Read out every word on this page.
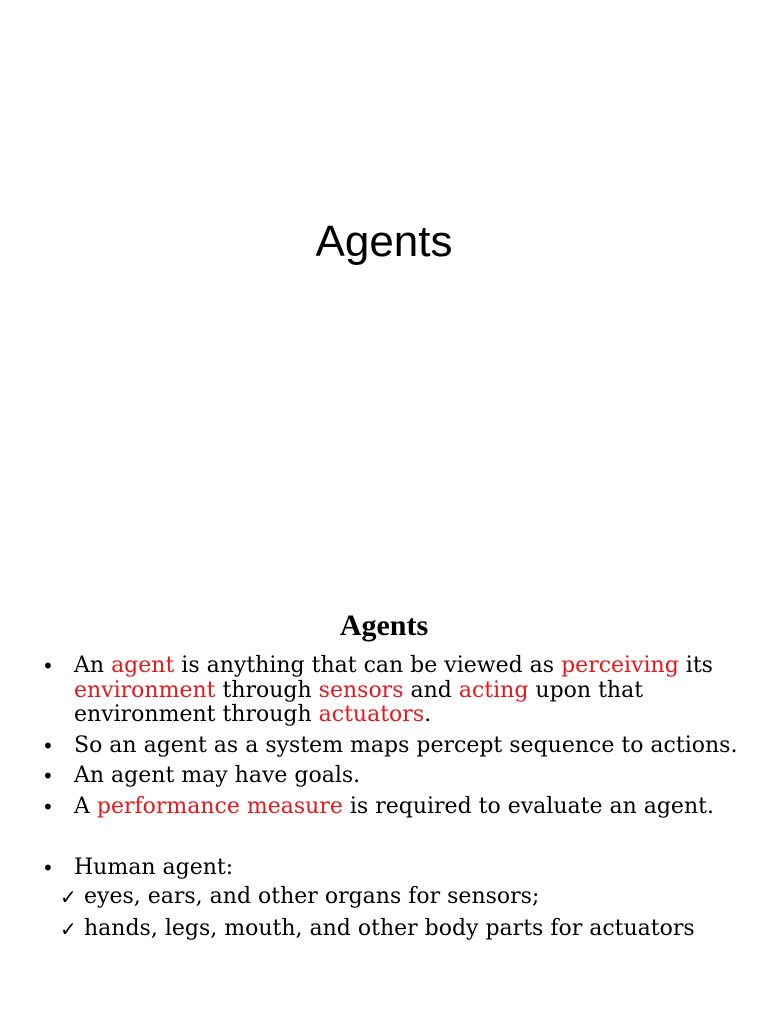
Agents
Agents
• An agent is anything that can be viewed as perceiving its environment through sensors and acting upon that environment through actuators.
• So an agent as a system maps percept sequence to actions.
• An agent may have goals.
• A performance measure is required to evaluate an agent.
• Human agent:
✓ eyes, ears, and other organs for sensors;
✓ hands, legs, mouth, and other body parts for actuators
